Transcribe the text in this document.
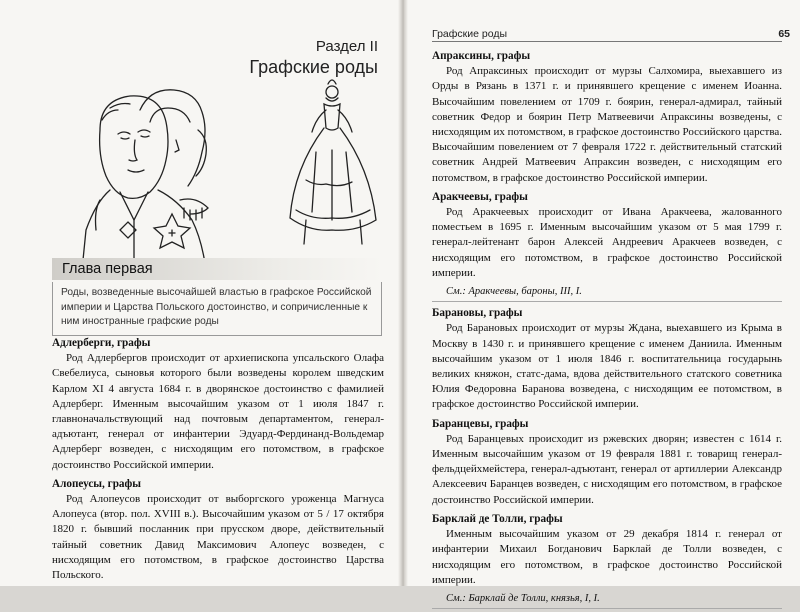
Раздел II
Графские роды
Глава первая
Роды, возведенные высочайшей властью в графское Российской империи и Царства Польского достоинство, и сопричисленные к ним иностранные графские роды
Адлерберги, графы

Род Адлербергов происходит от архиепископа упсальского Олафа Свебелиуса, сыновья которого были возведены королем шведским Карлом XI 4 августа 1684 г. в дворянское достоинство с фамилией Адлерберг. Именным высочайшим указом от 1 июля 1847 г. главноначальствующий над почтовым департаментом, генерал-адъютант, генерал от инфантерии Эдуард-Фердинанд-Вольдемар Адлерберг возведен, с нисходящим его потомством, в графское достоинство Российской империи.

Алопеусы, графы

Род Алопеусов происходит от выборгского уроженца Магнуса Алопеуса (втор. пол. XVIII в.). Высочайшим указом от 5 / 17 октября 1820 г. бывший посланник при прусском дворе, действительный тайный советник Давид Максимович Алопеус возведен, с нисходящим его потомством, в графское достоинство Царства Польского.

Графские роды	65
Апраксины, графы

Род Апраксиных происходит от мурзы Салхомира, выехавшего из Орды в Рязань в 1371 г. и принявшего крещение с именем Иоанна. Высочайшим повелением от 1709 г. боярин, генерал-адмирал, тайный советник Федор и боярин Петр Матвеевичи Апраксины возведены, с нисходящим их потомством, в графское достоинство Российского царства. Высочайшим повелением от 7 февраля 1722 г. действительный статский советник Андрей Матвеевич Апраксин возведен, с нисходящим его потомством, в графское достоинство Российской империи.

Аракчеевы, графы

Род Аракчеевых происходит от Ивана Аракчеева, жалованного поместьем в 1695 г. Именным высочайшим указом от 5 мая 1799 г. генерал-лейтенант барон Алексей Андреевич Аракчеев возведен, с нисходящим его потомством, в графское достоинство Российской империи.

См.: Аракчеевы, бароны, III, I.
Барановы, графы

Род Барановых происходит от мурзы Ждана, выехавшего из Крыма в Москву в 1430 г. и принявшего крещение с именем Даниила. Именным высочайшим указом от 1 июля 1846 г. воспитательница государынь великих княжон, статс-дама, вдова действительного статского советника Юлия Федоровна Баранова возведена, с нисходящим ее потомством, в графское достоинство Российской империи.

Баранцевы, графы

Род Баранцевых происходит из ржевских дворян; известен с 1614 г. Именным высочайшим указом от 19 февраля 1881 г. товарищ генерал-фельдцейхмейстера, генерал-адъютант, генерал от артиллерии Александр Алексеевич Баранцев возведен, с нисходящим его потомством, в графское достоинство Российской империи.

Барклай де Толли, графы

Именным высочайшим указом от 29 декабря 1814 г. генерал от инфантерии Михаил Богданович Барклай де Толли возведен, с нисходящим его потомством, в графское достоинство Российской империи.

См.: Барклай де Толли, князья, I, I.
